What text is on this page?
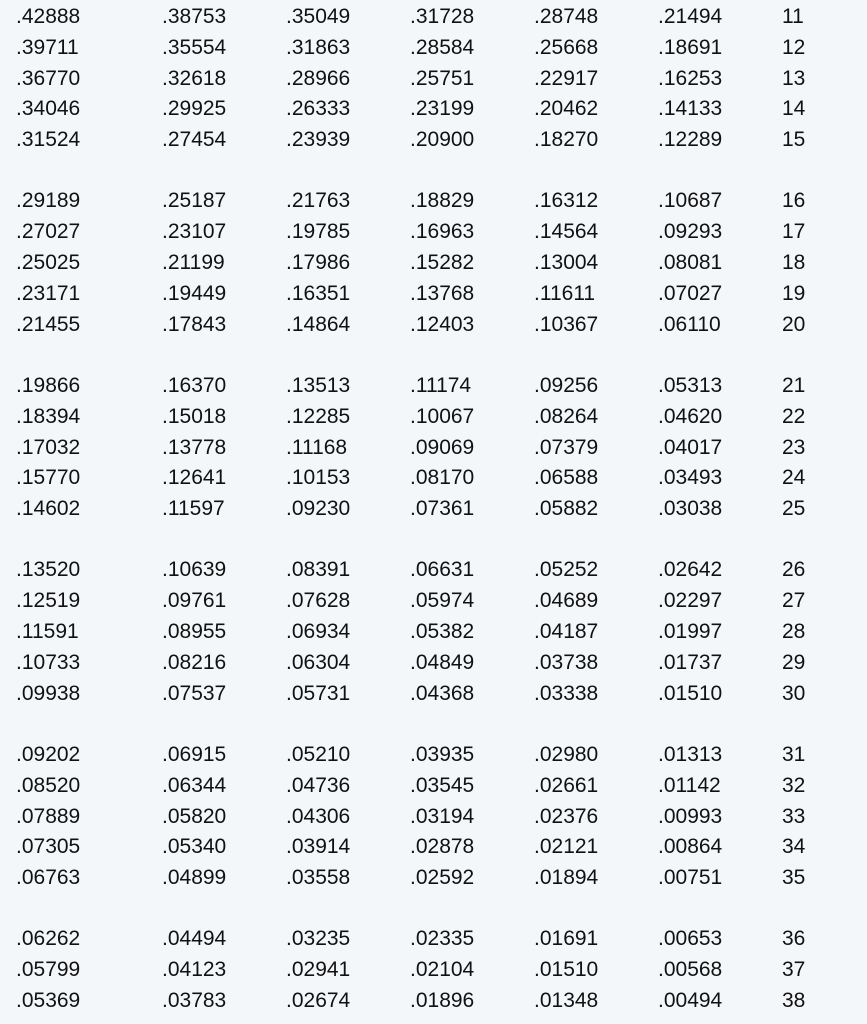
.42888	.38753	.35049	.31728	.28748	.21494	11
.39711	.35554	.31863	.28584	.25668	.18691	12
.36770	.32618	.28966	.25751	.22917	.16253	13
.34046	.29925	.26333	.23199	.20462	.14133	14
.31524	.27454	.23939	.20900	.18270	.12289	15
.29189	.25187	.21763	.18829	.16312	.10687	16
.27027	.23107	.19785	.16963	.14564	.09293	17
.25025	.21199	.17986	.15282	.13004	.08081	18
.23171	.19449	.16351	.13768	.11611	.07027	19
.21455	.17843	.14864	.12403	.10367	.06110	20
.19866	.16370	.13513	.11174	.09256	.05313	21
.18394	.15018	.12285	.10067	.08264	.04620	22
.17032	.13778	.11168	.09069	.07379	.04017	23
.15770	.12641	.10153	.08170	.06588	.03493	24
.14602	.11597	.09230	.07361	.05882	.03038	25
.13520	.10639	.08391	.06631	.05252	.02642	26
.12519	.09761	.07628	.05974	.04689	.02297	27
.11591	.08955	.06934	.05382	.04187	.01997	28
.10733	.08216	.06304	.04849	.03738	.01737	29
.09938	.07537	.05731	.04368	.03338	.01510	30
.09202	.06915	.05210	.03935	.02980	.01313	31
.08520	.06344	.04736	.03545	.02661	.01142	32
.07889	.05820	.04306	.03194	.02376	.00993	33
.07305	.05340	.03914	.02878	.02121	.00864	34
.06763	.04899	.03558	.02592	.01894	.00751	35
.06262	.04494	.03235	.02335	.01691	.00653	36
.05799	.04123	.02941	.02104	.01510	.00568	37
.05369	.03783	.02674	.01896	.01348	.00494	38
